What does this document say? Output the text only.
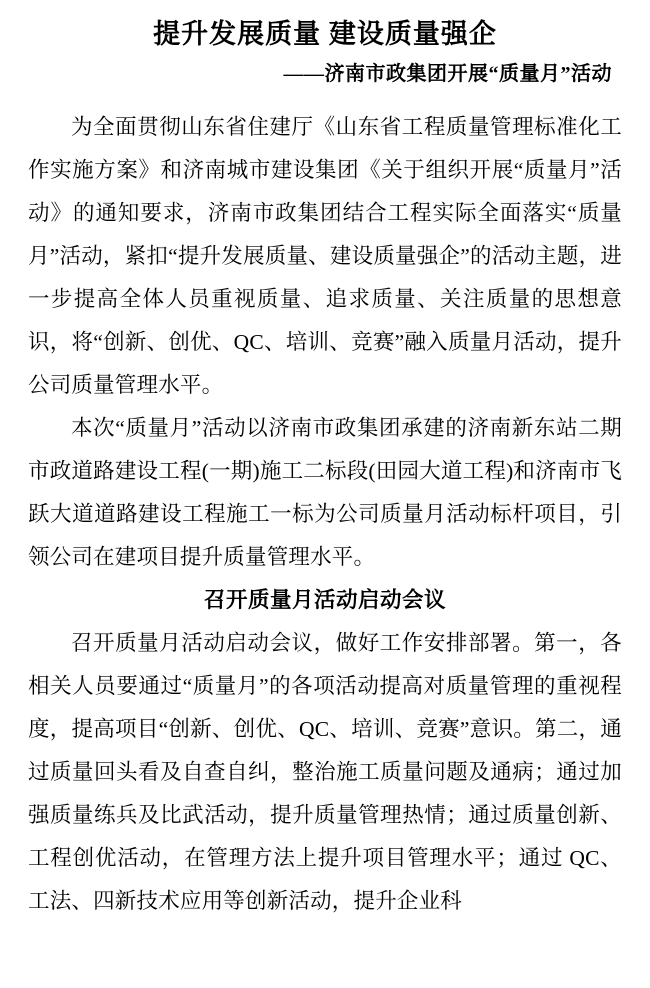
提升发展质量 建设质量强企
——济南市政集团开展“质量月”活动

为全面贯彻山东省住建厅《山东省工程质量管理标准化工作实施方案》和济南城市建设集团《关于组织开展“质量月”活动》的通知要求，济南市政集团结合工程实际全面落实“质量月”活动，紧扣“提升发展质量、建设质量强企”的活动主题，进一步提高全体人员重视质量、追求质量、关注质量的思想意识，将“创新、创优、QC、培训、竞赛”融入质量月活动，提升公司质量管理水平。

本次“质量月”活动以济南市政集团承建的济南新东站二期市政道路建设工程(一期)施工二标段(田园大道工程)和济南市飞跃大道道路建设工程施工一标为公司质量月活动标杆项目，引领公司在建项目提升质量管理水平。

召开质量月活动启动会议

召开质量月活动启动会议，做好工作安排部署。第一，各相关人员要通过“质量月”的各项活动提高对质量管理的重视程度，提高项目“创新、创优、QC、培训、竞赛”意识。第二，通过质量回头看及自查自纠，整治施工质量问题及通病；通过加强质量练兵及比武活动，提升质量管理热情；通过质量创新、工程创优活动，在管理方法上提升项目管理水平；通过 QC、工法、四新技术应用等创新活动，提升企业科
